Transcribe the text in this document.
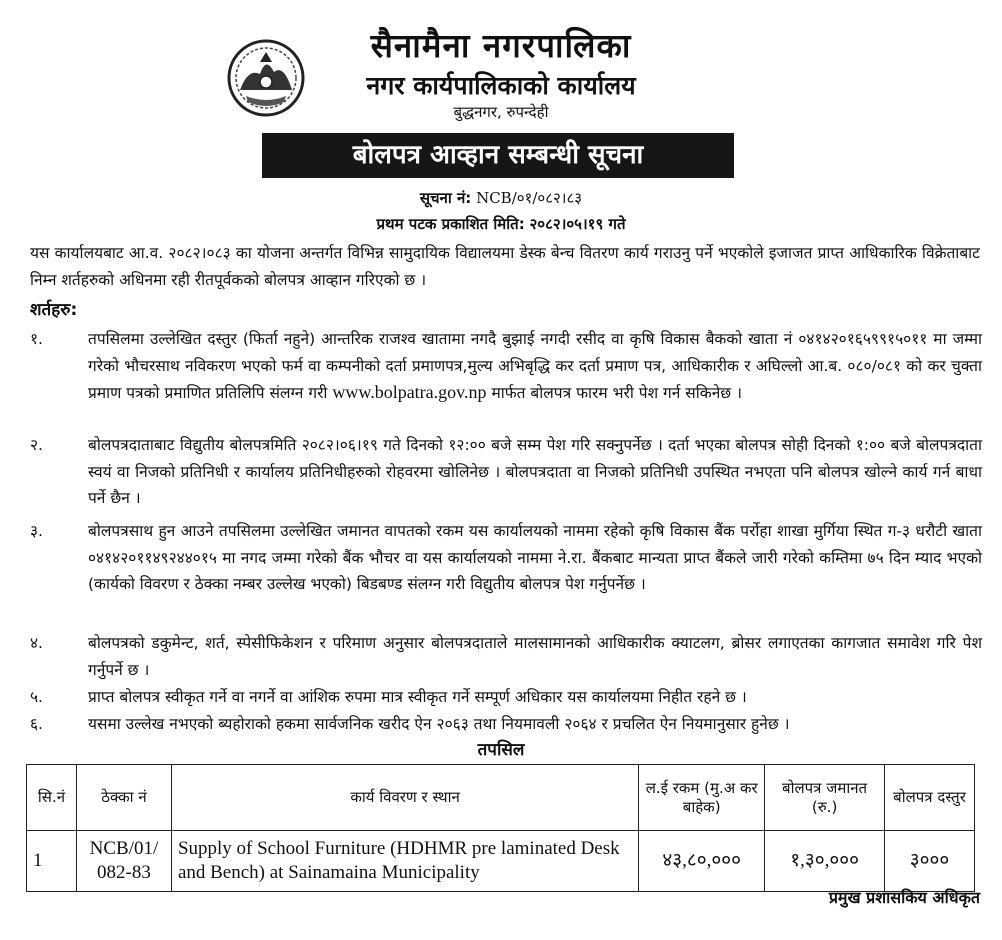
सैनामैना नगरपालिका
नगर कार्यपालिकाको कार्यालय
बुद्धनगर, रुपन्देही
बोलपत्र आव्हान सम्बन्धी सूचना
सूचना नं: NCB/०१/०८२।८३
प्रथम पटक प्रकाशित मिति: २०८२।०५।१९ गते
यस कार्यालयबाट आ.व. २०८२।०८३ का योजना अन्तर्गत विभिन्न सामुदायिक विद्यालयमा डेस्क बेन्च वितरण कार्य गराउनु पर्ने भएकोले इजाजत प्राप्त आधिकारिक विक्रेताबाट निम्न शर्तहरुको अधिनमा रही रीतपूर्वकको बोलपत्र आव्हान गरिएको छ ।
शर्तहरु:
१.	तपसिलमा उल्लेखित दस्तुर (फिर्ता नहुने) आन्तरिक राजश्व खातामा नगदै बुझाई नगदी रसीद वा कृषि विकास बैकको खाता नं ०४१४२०१६५९९१५०११ मा जम्मा गरेको भौचरसाथ नविकरण भएको फर्म वा कम्पनीको दर्ता प्रमाणपत्र,मुल्य अभिबृद्धि कर दर्ता प्रमाण पत्र, आधिकारीक र अघिल्लो आ.ब. ०८०/०८१ को कर चुक्ता प्रमाण पत्रको प्रमाणित प्रतिलिपि संलग्न गरी www.bolpatra.gov.np मार्फत बोलपत्र फारम भरी पेश गर्न सकिनेछ ।
२.	बोलपत्रदाताबाट विद्युतीय बोलपत्रमिति २०८२।०६।१९ गते दिनको १२:०० बजे सम्म पेश गरि सक्नुपर्नेछ । दर्ता भएका बोलपत्र सोही दिनको १:०० बजे बोलपत्रदाता स्वयं वा निजको प्रतिनिधी र कार्यालय प्रतिनिधीहरुको रोहवरमा खोलिनेछ । बोलपत्रदाता वा निजको प्रतिनिधी उपस्थित नभएता पनि बोलपत्र खोल्ने कार्य गर्न बाधा पर्ने छैन ।
३.	बोलपत्रसाथ हुन आउने तपसिलमा उल्लेखित जमानत वापतको रकम यस कार्यालयको नाममा रहेको कृषि विकास बैंक पर्रोहा शाखा मुर्गिया स्थित ग-३ धरौटी खाता ०४१४२०११४९२४४०१५ मा नगद जम्मा गरेको बैंक भौचर वा यस कार्यालयको नाममा ने.रा. बैंकबाट मान्यता प्राप्त बैंकले जारी गरेको कम्तिमा ७५ दिन म्याद भएको (कार्यको विवरण र ठेक्का नम्बर उल्लेख भएको) बिडबण्ड संलग्न गरी विद्युतीय बोलपत्र पेश गर्नुपर्नेछ ।
४.	बोलपत्रको डकुमेन्ट, शर्त, स्पेसीफिकेशन र परिमाण अनुसार बोलपत्रदाताले मालसामानको आधिकारीक क्याटलग, ब्रोसर लगाएतका कागजात समावेश गरि पेश गर्नुपर्ने छ ।
५.	प्राप्त बोलपत्र स्वीकृत गर्ने वा नगर्ने वा आंशिक रुपमा मात्र स्वीकृत गर्ने सम्पूर्ण अधिकार यस कार्यालयमा निहीत रहने छ ।
६.	यसमा उल्लेख नभएको ब्यहोराको हकमा सार्वजनिक खरीद ऐन २०६३ तथा नियमावली २०६४ र प्रचलित ऐन नियमानुसार हुनेछ ।
तपसिल
सि.नं	ठेक्का नं	कार्य विवरण र स्थान	ल.ई रकम (मु.अ कर बाहेक)	बोलपत्र जमानत (रु.)	बोलपत्र दस्तुर
1	NCB/01/ 082-83	Supply of School Furniture (HDHMR pre laminated Desk and Bench) at Sainamaina Municipality	४३,८०,०००	१,३०,०००	३०००
प्रमुख प्रशासकिय अधिकृत
